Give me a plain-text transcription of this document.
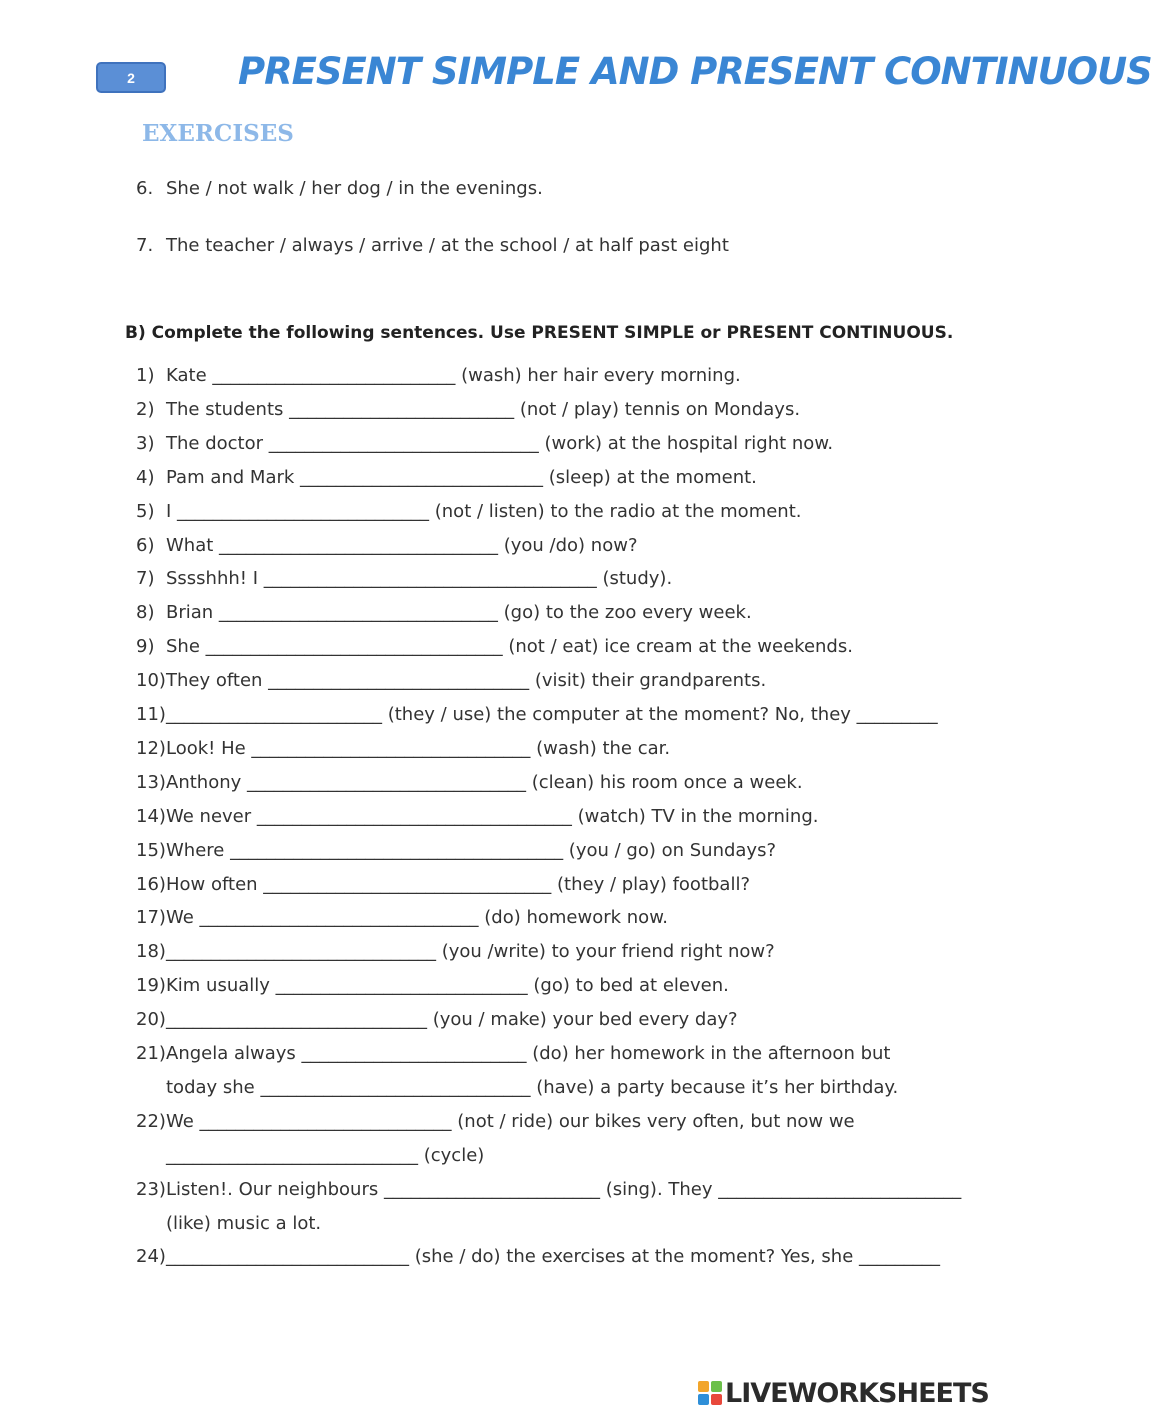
2	PRESENT SIMPLE AND PRESENT CONTINUOUS
EXERCISES
6. She / not walk / her dog / in the evenings.
7. The teacher / always / arrive / at the school / at half past eight
B) Complete the following sentences. Use PRESENT SIMPLE or PRESENT CONTINUOUS.
1) Kate ___________________________ (wash) her hair every morning.
2) The students _________________________ (not / play) tennis on Mondays.
3) The doctor ______________________________ (work) at the hospital right now.
4) Pam and Mark ___________________________ (sleep) at the moment.
5) I ____________________________ (not / listen) to the radio at the moment.
6) What _______________________________ (you /do) now?
7) Sssshhh! I _____________________________________ (study).
8) Brian _______________________________ (go) to the zoo every week.
9) She _________________________________ (not / eat) ice cream at the weekends.
10) They often _____________________________ (visit) their grandparents.
11) ________________________ (they / use) the computer at the moment? No, they _________
12) Look! He _______________________________ (wash) the car.
13) Anthony _______________________________ (clean) his room once a week.
14) We never ___________________________________ (watch) TV in the morning.
15) Where _____________________________________ (you / go) on Sundays?
16) How often ________________________________ (they / play) football?
17) We _______________________________ (do) homework now.
18) ______________________________ (you /write) to your friend right now?
19) Kim usually ____________________________ (go) to bed at eleven.
20) _____________________________ (you / make) your bed every day?
21) Angela always _________________________ (do) her homework in the afternoon but
today she ______________________________ (have) a party because it’s her birthday.
22) We ____________________________ (not / ride) our bikes very often, but now we
____________________________ (cycle)
23) Listen!. Our neighbours ________________________ (sing). They ___________________________
(like) music a lot.
24) ___________________________ (she / do) the exercises at the moment? Yes, she _________
LIVEWORKSHEETS
